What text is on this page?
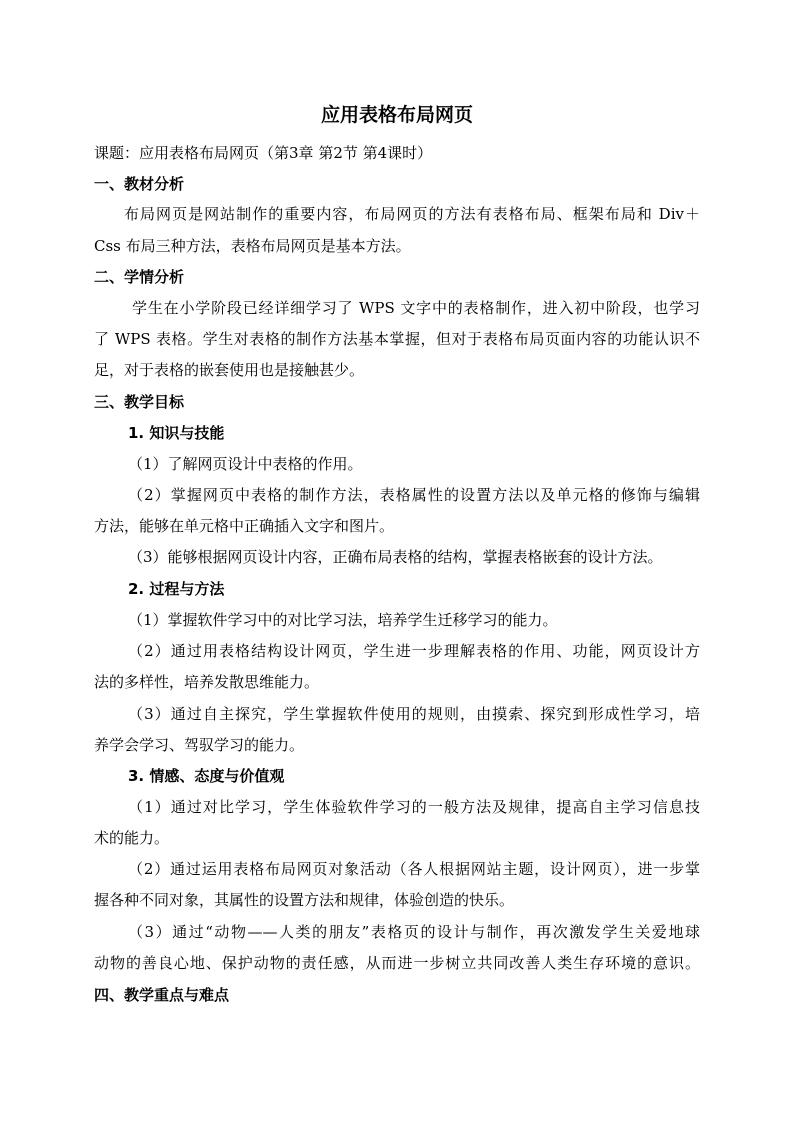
应用表格布局网页
课题：应用表格布局网页（第3章 第2节 第4课时）
一、教材分析
布局网页是网站制作的重要内容，布局网页的方法有表格布局、框架布局和 Div＋
Css 布局三种方法，表格布局网页是基本方法。
二、学情分析
学生在小学阶段已经详细学习了 WPS 文字中的表格制作，进入初中阶段，也学习
了 WPS 表格。学生对表格的制作方法基本掌握，但对于表格布局页面内容的功能认识不
足，对于表格的嵌套使用也是接触甚少。
三、教学目标
1. 知识与技能
（1）了解网页设计中表格的作用。
（2）掌握网页中表格的制作方法，表格属性的设置方法以及单元格的修饰与编辑
方法，能够在单元格中正确插入文字和图片。
（3）能够根据网页设计内容，正确布局表格的结构，掌握表格嵌套的设计方法。
2. 过程与方法
（1）掌握软件学习中的对比学习法，培养学生迁移学习的能力。
（2）通过用表格结构设计网页，学生进一步理解表格的作用、功能，网页设计方
法的多样性，培养发散思维能力。
（3）通过自主探究，学生掌握软件使用的规则，由摸索、探究到形成性学习，培
养学会学习、驾驭学习的能力。
3. 情感、态度与价值观
（1）通过对比学习，学生体验软件学习的一般方法及规律，提高自主学习信息技
术的能力。
（2）通过运用表格布局网页对象活动（各人根据网站主题，设计网页），进一步掌
握各种不同对象，其属性的设置方法和规律，体验创造的快乐。
（3）通过“动物——人类的朋友”表格页的设计与制作，再次激发学生关爱地球
动物的善良心地、保护动物的责任感，从而进一步树立共同改善人类生存环境的意识。
四、教学重点与难点
